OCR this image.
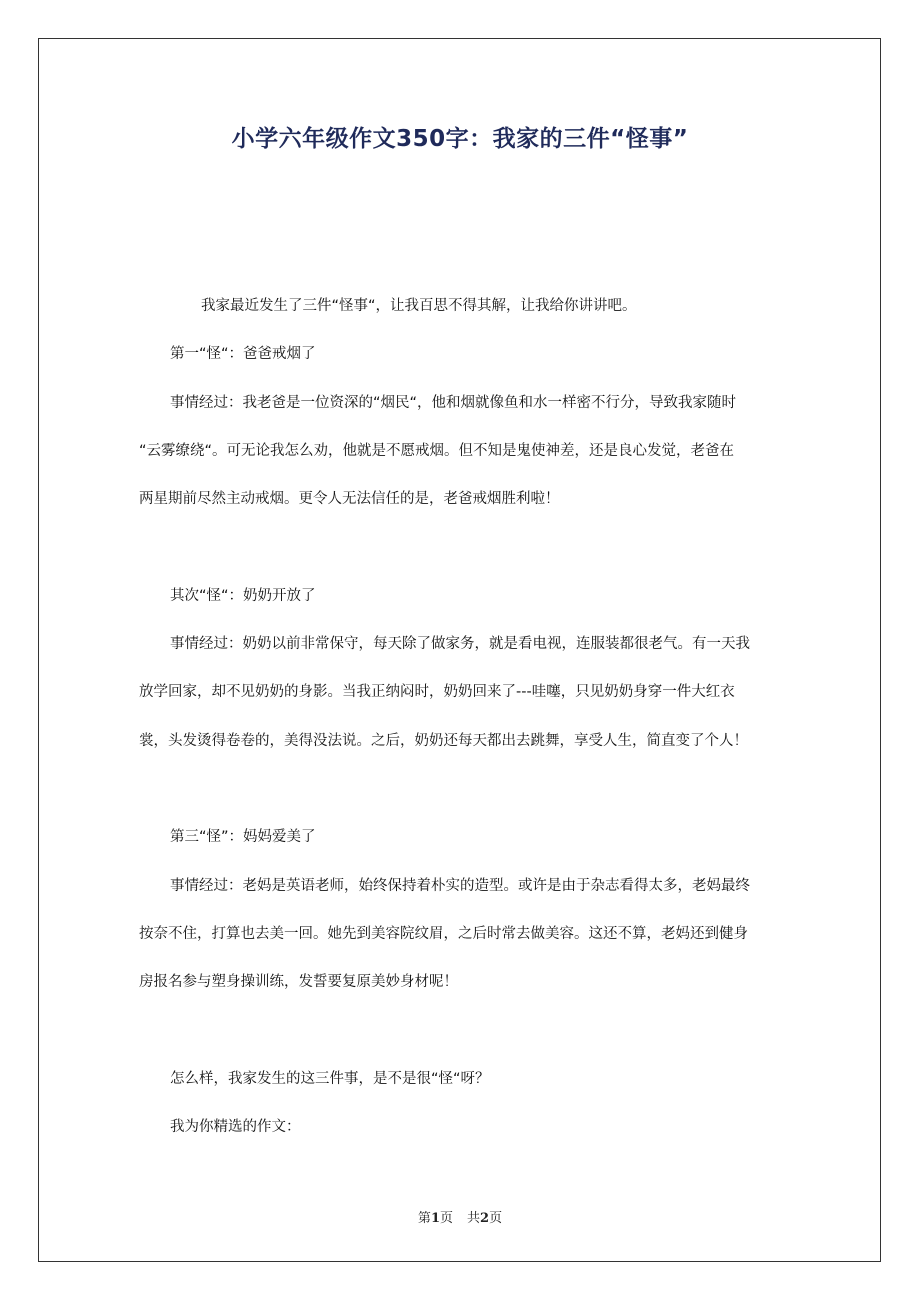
小学六年级作文350字：我家的三件“怪事”
我家最近发生了三件“怪事“，让我百思不得其解，让我给你讲讲吧。
第一“怪“：爸爸戒烟了
事情经过：我老爸是一位资深的“烟民“，他和烟就像鱼和水一样密不行分，导致我家随时
“云雾缭绕“。可无论我怎么劝，他就是不愿戒烟。但不知是鬼使神差，还是良心发觉，老爸在
两星期前尽然主动戒烟。更令人无法信任的是，老爸戒烟胜利啦！
其次“怪“：奶奶开放了
事情经过：奶奶以前非常保守，每天除了做家务，就是看电视，连服装都很老气。有一天我
放学回家，却不见奶奶的身影。当我正纳闷时，奶奶回来了---哇噻，只见奶奶身穿一件大红衣
裳，头发烫得卷卷的，美得没法说。之后，奶奶还每天都出去跳舞，享受人生，简直变了个人！
第三“怪”：妈妈爱美了
事情经过：老妈是英语老师，始终保持着朴实的造型。或许是由于杂志看得太多，老妈最终
按奈不住，打算也去美一回。她先到美容院纹眉，之后时常去做美容。这还不算，老妈还到健身
房报名参与塑身操训练，发誓要复原美妙身材呢！
怎么样，我家发生的这三件事，是不是很“怪“呀？
我为你精选的作文：
第1页 共2页
